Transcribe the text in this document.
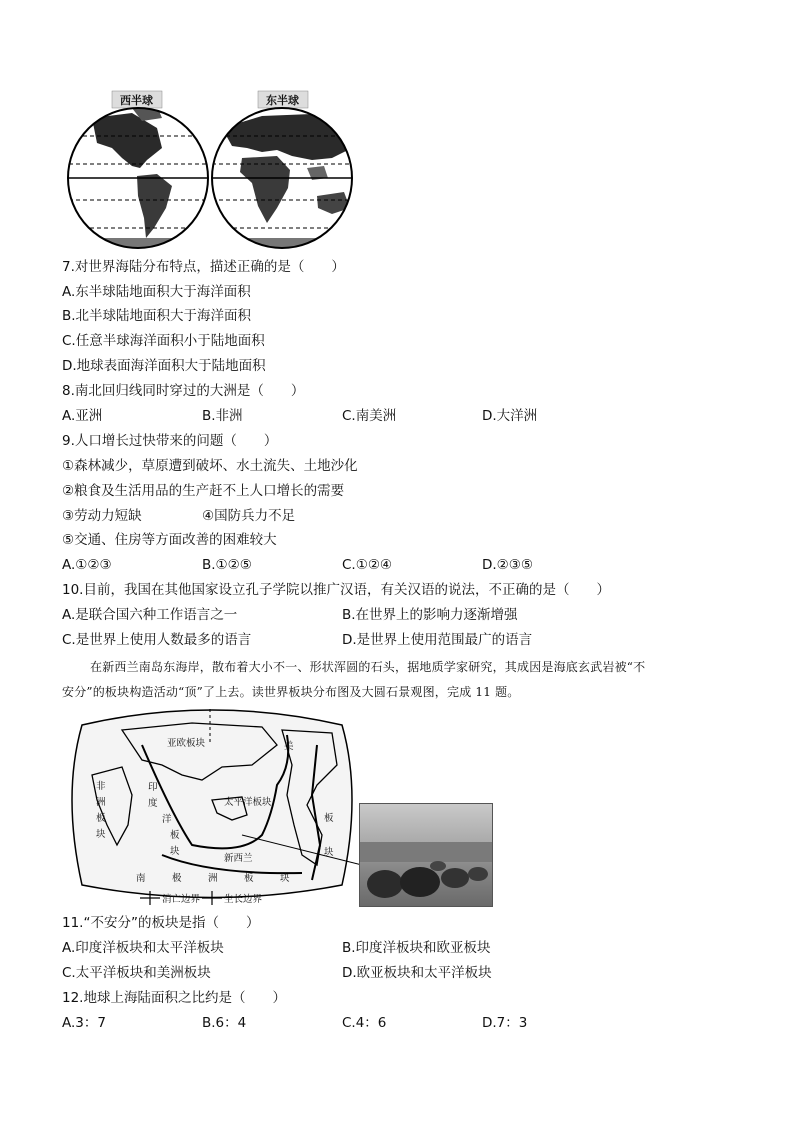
西半球	东半球
7.对世界海陆分布特点，描述正确的是（　　）
A.东半球陆地面积大于海洋面积
B.北半球陆地面积大于海洋面积
C.任意半球海洋面积小于陆地面积
D.地球表面海洋面积大于陆地面积
8.南北回归线同时穿过的大洲是（　　）
A.亚洲	B.非洲	C.南美洲	D.大洋洲
9.人口增长过快带来的问题（　　）
①森林减少，草原遭到破坏、水土流失、土地沙化
②粮食及生活用品的生产赶不上人口增长的需要
③劳动力短缺	④国防兵力不足
⑤交通、住房等方面改善的困难较大
A.①②③	B.①②⑤	C.①②④	D.②③⑤
10.目前，我国在其他国家设立孔子学院以推广汉语，有关汉语的说法，不正确的是（　　）
A.是联合国六种工作语言之一	B.在世界上的影响力逐渐增强
C.是世界上使用人数最多的语言	D.是世界上使用范围最广的语言
在新西兰南岛东海岸，散布着大小不一、形状浑圆的石头，据地质学家研究，其成因是海底玄武岩被“不
安分”的板块构造活动“顶”了上去。读世界板块分布图及大圆石景观图，完成 11 题。
消亡边界	生长边界
亚欧板块	美
非
洲
板
块
印
度
洋
板
块
太平洋板块
板
块
新西兰
南	极	洲	板	块
11.“不安分”的板块是指（　　）
A.印度洋板块和太平洋板块	B.印度洋板块和欧亚板块
C.太平洋板块和美洲板块	D.欧亚板块和太平洋板块
12.地球上海陆面积之比约是（　　）
A.3：7	B.6：4	C.4：6	D.7：3
